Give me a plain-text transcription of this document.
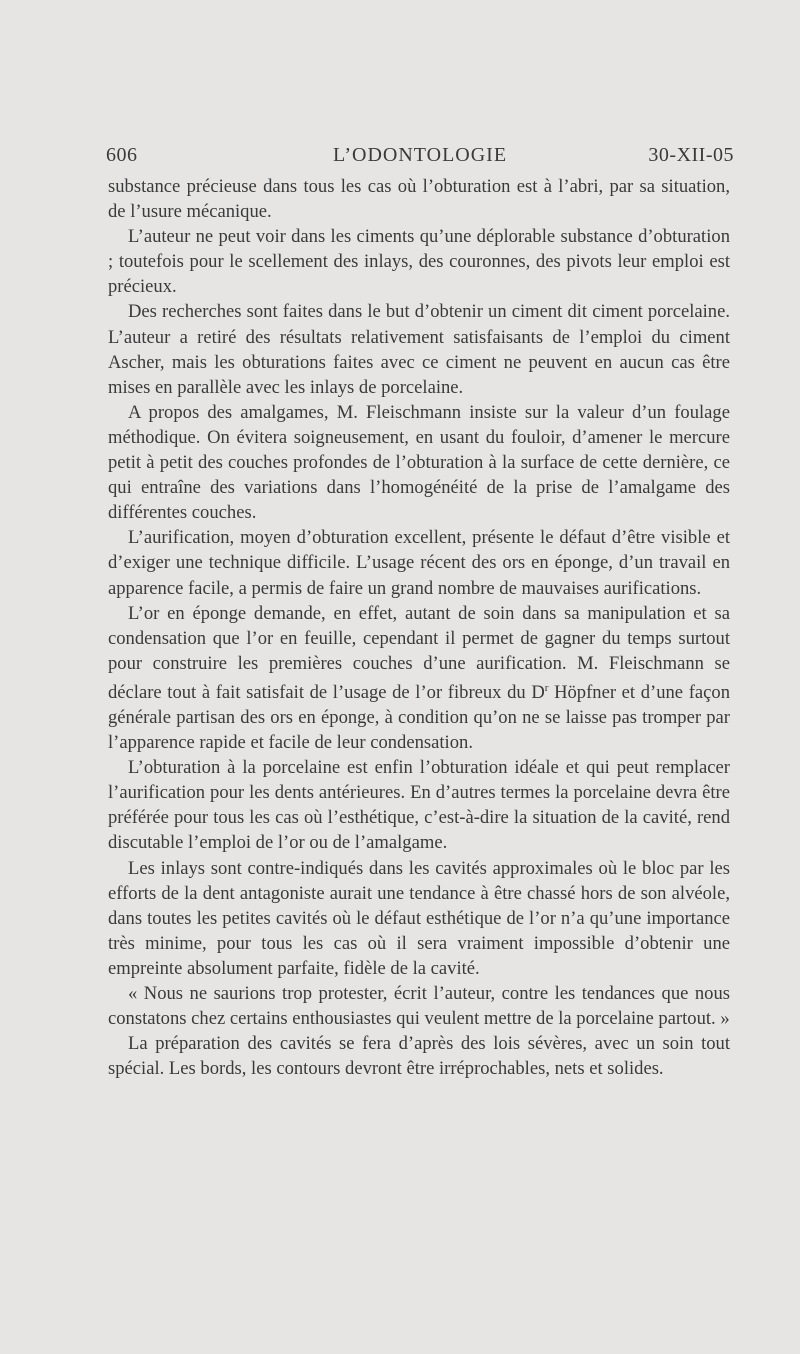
606	L’ODONTOLOGIE	30-XII-05

substance précieuse dans tous les cas où l’obturation est à l’abri, par sa situation, de l’usure mécanique.

L’auteur ne peut voir dans les ciments qu’une déplorable substance d’obturation ; toutefois pour le scellement des inlays, des couronnes, des pivots leur emploi est précieux.

Des recherches sont faites dans le but d’obtenir un ciment dit ciment porcelaine. L’auteur a retiré des résultats relativement satisfaisants de l’emploi du ciment Ascher, mais les obturations faites avec ce ciment ne peuvent en aucun cas être mises en parallèle avec les inlays de porcelaine.

A propos des amalgames, M. Fleischmann insiste sur la valeur d’un foulage méthodique. On évitera soigneusement, en usant du fouloir, d’amener le mercure petit à petit des couches profondes de l’obturation à la surface de cette dernière, ce qui entraîne des variations dans l’homogénéité de la prise de l’amalgame des différentes couches.

L’aurification, moyen d’obturation excellent, présente le défaut d’être visible et d’exiger une technique difficile. L’usage récent des ors en éponge, d’un travail en apparence facile, a permis de faire un grand nombre de mauvaises aurifications.

L’or en éponge demande, en effet, autant de soin dans sa manipulation et sa condensation que l’or en feuille, cependant il permet de gagner du temps surtout pour construire les premières couches d’une aurification. M. Fleischmann se déclare tout à fait satisfait de l’usage de l’or fibreux du $D^r$ Höpfner et d’une façon générale partisan des ors en éponge, à condition qu’on ne se laisse pas tromper par l’apparence rapide et facile de leur condensation.

L’obturation à la porcelaine est enfin l’obturation idéale et qui peut remplacer l’aurification pour les dents antérieures. En d’autres termes la porcelaine devra être préférée pour tous les cas où l’esthétique, c’est-à-dire la situation de la cavité, rend discutable l’emploi de l’or ou de l’amalgame.

Les inlays sont contre-indiqués dans les cavités approximales où le bloc par les efforts de la dent antagoniste aurait une tendance à être chassé hors de son alvéole, dans toutes les petites cavités où le défaut esthétique de l’or n’a qu’une importance très minime, pour tous les cas où il sera vraiment impossible d’obtenir une empreinte absolument parfaite, fidèle de la cavité.

« Nous ne saurions trop protester, écrit l’auteur, contre les tendances que nous constatons chez certains enthousiastes qui veulent mettre de la porcelaine partout. »

La préparation des cavités se fera d’après des lois sévères, avec un soin tout spécial. Les bords, les contours devront être irréprochables, nets et solides.
